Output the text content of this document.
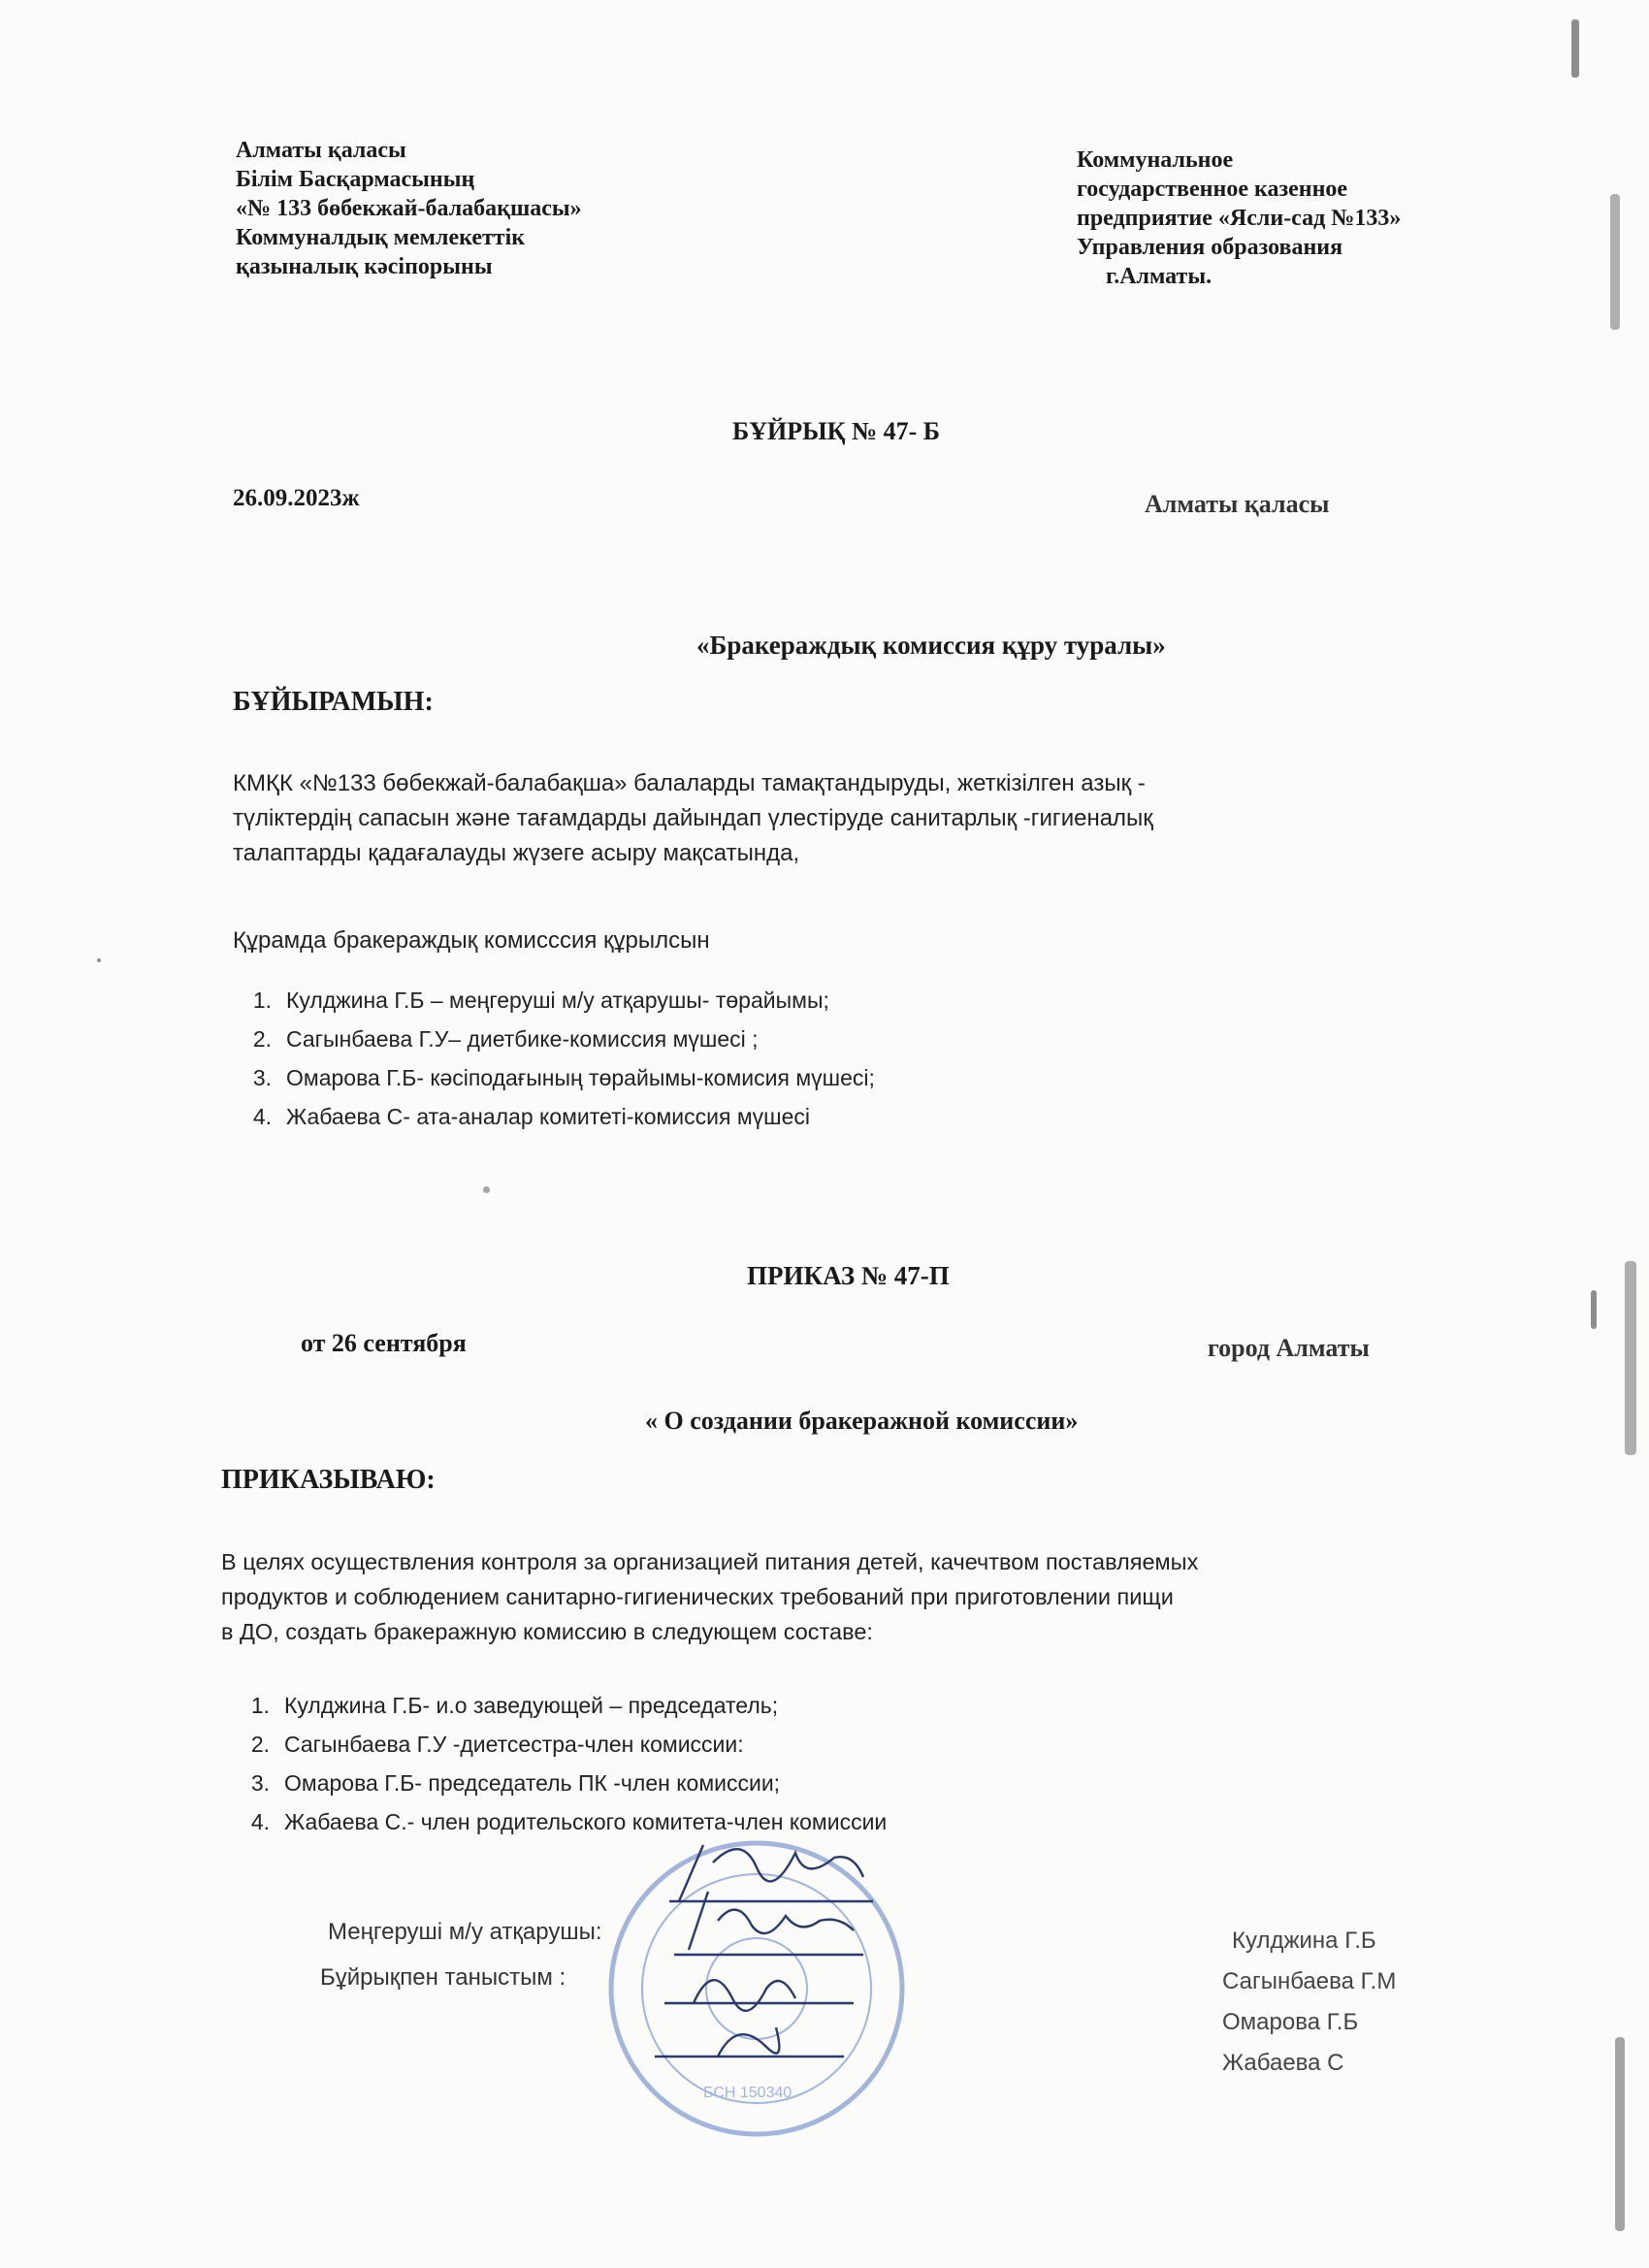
Алматы қаласы
Білім Басқармасының
«№ 133 бөбекжай-балабақшасы»
Коммуналдық мемлекеттік
қазыналық кәсіпорыны
Коммунальное
государственное казенное
предприятие «Ясли-сад №133»
Управления образования
г.Алматы.
БҰЙРЫҚ № 47- Б
26.09.2023ж	Алматы қаласы
«Бракераждық комиссия құру туралы»
БҰЙЫРАМЫН:
КМҚК «№133 бөбекжай-балабақша» балаларды тамақтандыруды, жеткізілген азық -
түліктердің сапасын және тағамдарды дайындап үлестіруде санитарлық -гигиеналық
талаптарды қадағалауды жүзеге асыру мақсатында,
Құрамда бракераждық комисссия құрылсын
1. Кулджина Г.Б – меңгеруші м/у атқарушы- төрайымы;
2. Сагынбаева Г.У– диетбике-комиссия мүшесі ;
3. Омарова Г.Б- кәсіподағының төрайымы-комисия мүшесі;
4. Жабаева С- ата-аналар комитеті-комиссия мүшесі
ПРИКАЗ № 47-П
от 26 сентября	город Алматы
« О создании бракеражной комиссии»
ПРИКАЗЫВАЮ:
В целях осуществления контроля за организацией питания детей, качечтвом поставляемых
продуктов и соблюдением санитарно-гигиенических требований при приготовлении пищи
в ДО, создать бракеражную комиссию в следующем составе:
1. Кулджина Г.Б- и.о заведующей – председатель;
2. Сагынбаева Г.У -диетсестра-член комиссии:
3. Омарова Г.Б- председатель ПК -член комиссии;
4. Жабаева С.- член родительского комитета-член комиссии
БСН 150340
Меңгеруші м/у атқарушы:
Бұйрықпен таныстым :
Кулджина Г.Б
Сагынбаева Г.М
Омарова Г.Б
Жабаева С
